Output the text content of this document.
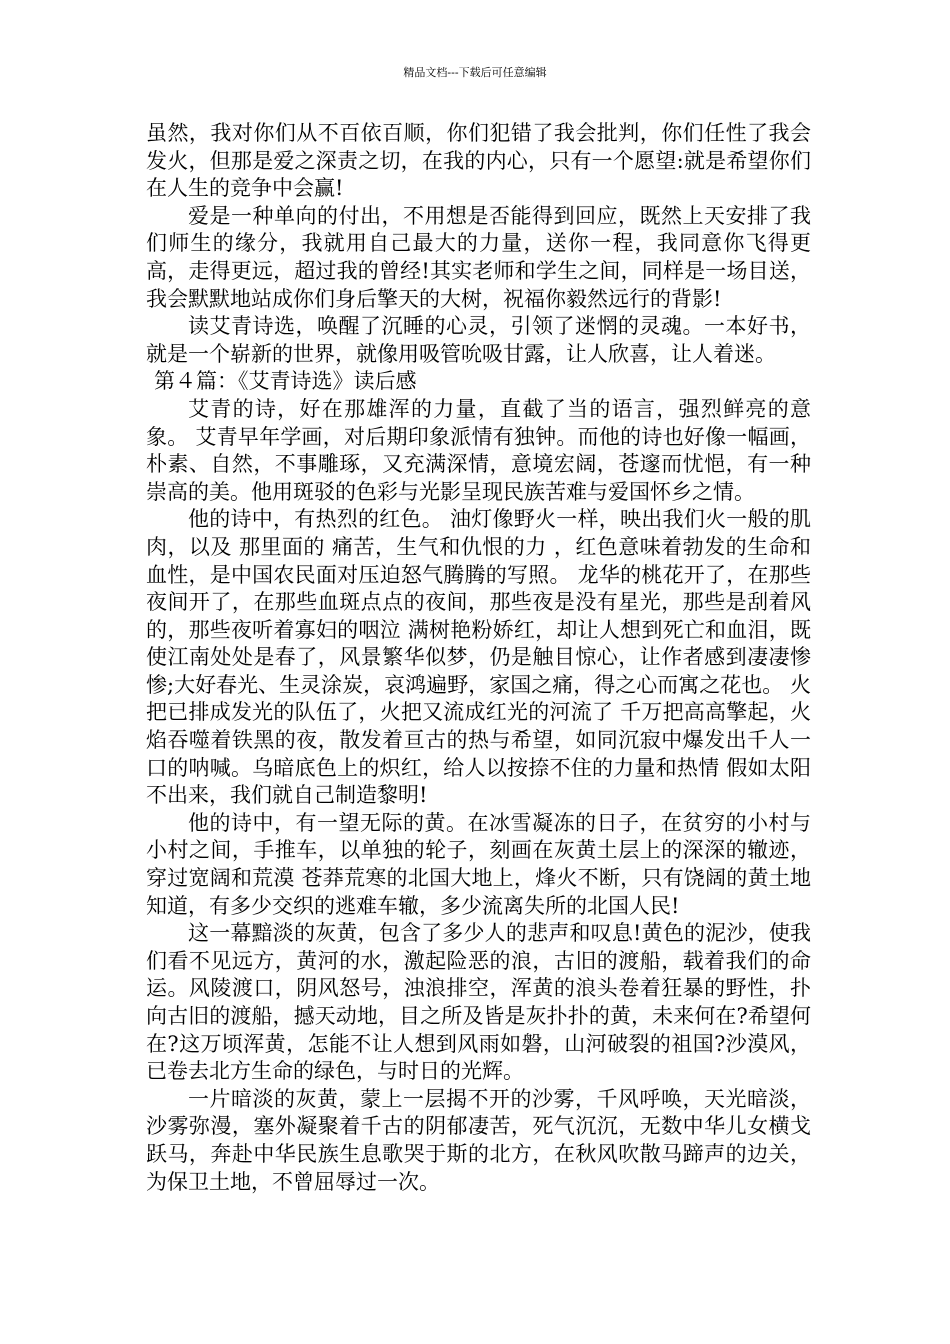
精品文档---下载后可任意编辑

虽然，我对你们从不百依百顺，你们犯错了我会批判，你们任性了我会发火，但那是爱之深责之切，在我的内心，只有一个愿望:就是希望你们在人生的竞争中会赢!

爱是一种单向的付出，不用想是否能得到回应，既然上天安排了我们师生的缘分，我就用自己最大的力量，送你一程，我同意你飞得更高，走得更远，超过我的曾经!其实老师和学生之间，同样是一场目送，我会默默地站成你们身后擎天的大树，祝福你毅然远行的背影!

读艾青诗选，唤醒了沉睡的心灵，引领了迷惘的灵魂。一本好书，就是一个崭新的世界，就像用吸管吮吸甘露，让人欣喜，让人着迷。

第４篇：《艾青诗选》读后感

艾青的诗，好在那雄浑的力量，直截了当的语言，强烈鲜亮的意象。 艾青早年学画，对后期印象派情有独钟。而他的诗也好像一幅画，朴素、自然，不事雕琢，又充满深情，意境宏阔，苍邃而忧悒，有一种崇高的美。他用斑驳的色彩与光影呈现民族苦难与爱国怀乡之情。

他的诗中，有热烈的红色。 油灯像野火一样，映出我们火一般的肌肉，以及 那里面的 痛苦，生气和仇恨的力 ，红色意味着勃发的生命和血性，是中国农民面对压迫怒气腾腾的写照。 龙华的桃花开了，在那些夜间开了，在那些血斑点点的夜间，那些夜是没有星光，那些是刮着风的，那些夜听着寡妇的咽泣 满树艳粉娇红，却让人想到死亡和血泪，既使江南处处是春了，风景繁华似梦，仍是触目惊心，让作者感到凄凄惨惨;大好春光、生灵涂炭，哀鸿遍野，家国之痛，得之心而寓之花也。 火把已排成发光的队伍了，火把又流成红光的河流了 千万把高高擎起，火焰吞噬着铁黑的夜，散发着亘古的热与希望，如同沉寂中爆发出千人一口的呐喊。乌暗底色上的炽红，给人以按捺不住的力量和热情 假如太阳不出来，我们就自己制造黎明!

他的诗中，有一望无际的黄。在冰雪凝冻的日子，在贫穷的小村与小村之间，手推车，以单独的轮子，刻画在灰黄土层上的深深的辙迹，穿过宽阔和荒漠 苍莽荒寒的北国大地上，烽火不断，只有饶阔的黄土地知道，有多少交织的逃难车辙，多少流离失所的北国人民!

这一幕黯淡的灰黄，包含了多少人的悲声和叹息!黄色的泥沙，使我们看不见远方，黄河的水，激起险恶的浪，古旧的渡船，载着我们的命运。风陵渡口，阴风怒号，浊浪排空，浑黄的浪头卷着狂暴的野性，扑向古旧的渡船，撼天动地，目之所及皆是灰扑扑的黄，未来何在?希望何在?这万顷浑黄，怎能不让人想到风雨如磐，山河破裂的祖国?沙漠风，已卷去北方生命的绿色，与时日的光辉。

一片暗淡的灰黄，蒙上一层揭不开的沙雾，千风呼唤，天光暗淡，沙雾弥漫，塞外凝聚着千古的阴郁凄苦，死气沉沉，无数中华儿女横戈跃马，奔赴中华民族生息歌哭于斯的北方，在秋风吹散马蹄声的边关，为保卫土地，不曾屈辱过一次。
